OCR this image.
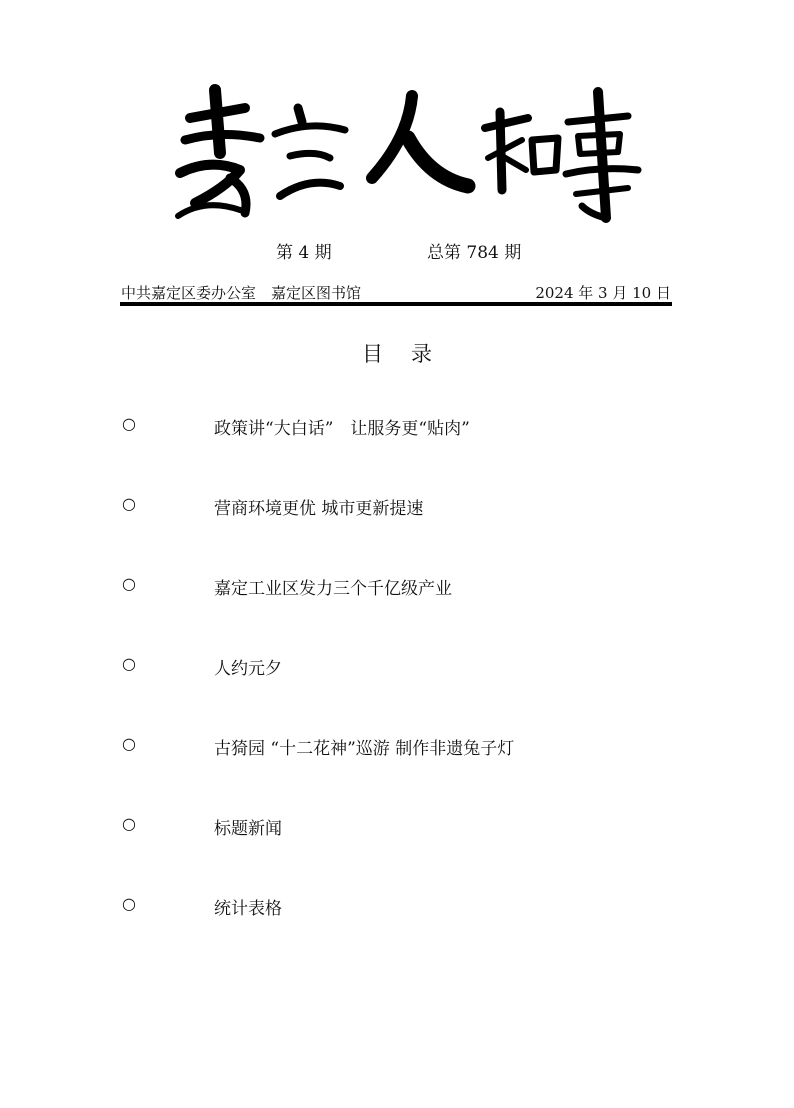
嘉定人和事
第 4 期	总第 784 期
中共嘉定区委办公室　嘉定区图书馆	2024 年 3 月 10 日
目录
○	政策讲“大白话”　让服务更“贴肉”
○	营商环境更优 城市更新提速
○	嘉定工业区发力三个千亿级产业
○	人约元夕
○	古猗园 “十二花神”巡游 制作非遗兔子灯
○	标题新闻
○	统计表格
